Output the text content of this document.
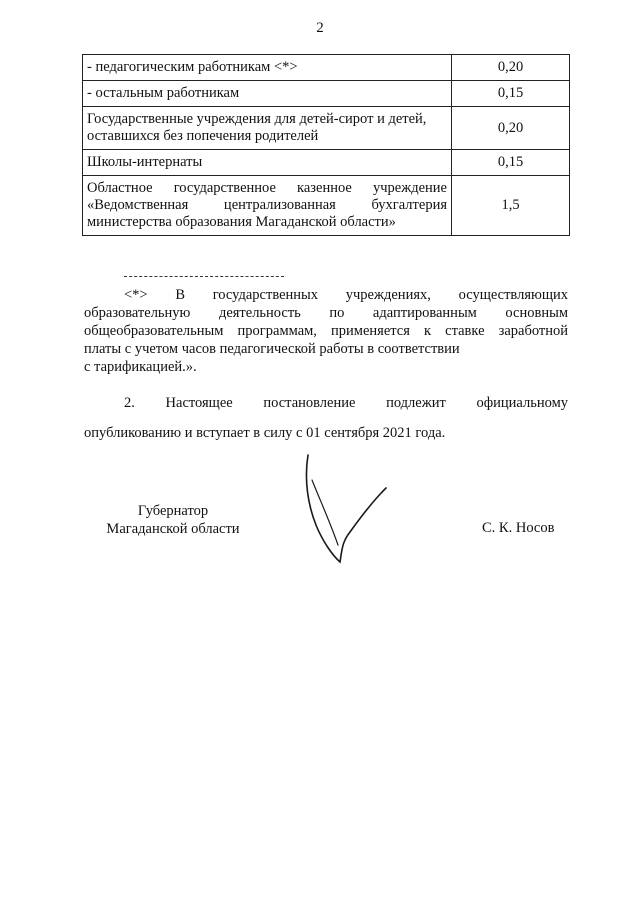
2
- педагогическим работникам <*>	0,20
- остальным работникам	0,15

Государственные учреждения для детей-сирот и детей,
оставшихся без попечения родителей	0,20
Школы-интернаты	0,15

Областное государственное казенное учреждение
«Ведомственная централизованная бухгалтерия
министерства образования Магаданской области»	1,5
<*> В государственных учреждениях, осуществляющих
образовательную деятельность по адаптированным основным
общеобразовательным программам, применяется к ставке заработной
платы с учетом часов педагогической работы в соответствии
с тарификацией.».
2. Настоящее постановление подлежит официальному
опубликованию и вступает в силу с 01 сентября 2021 года.
Губернатор
Магаданской области	С. К. Носов
